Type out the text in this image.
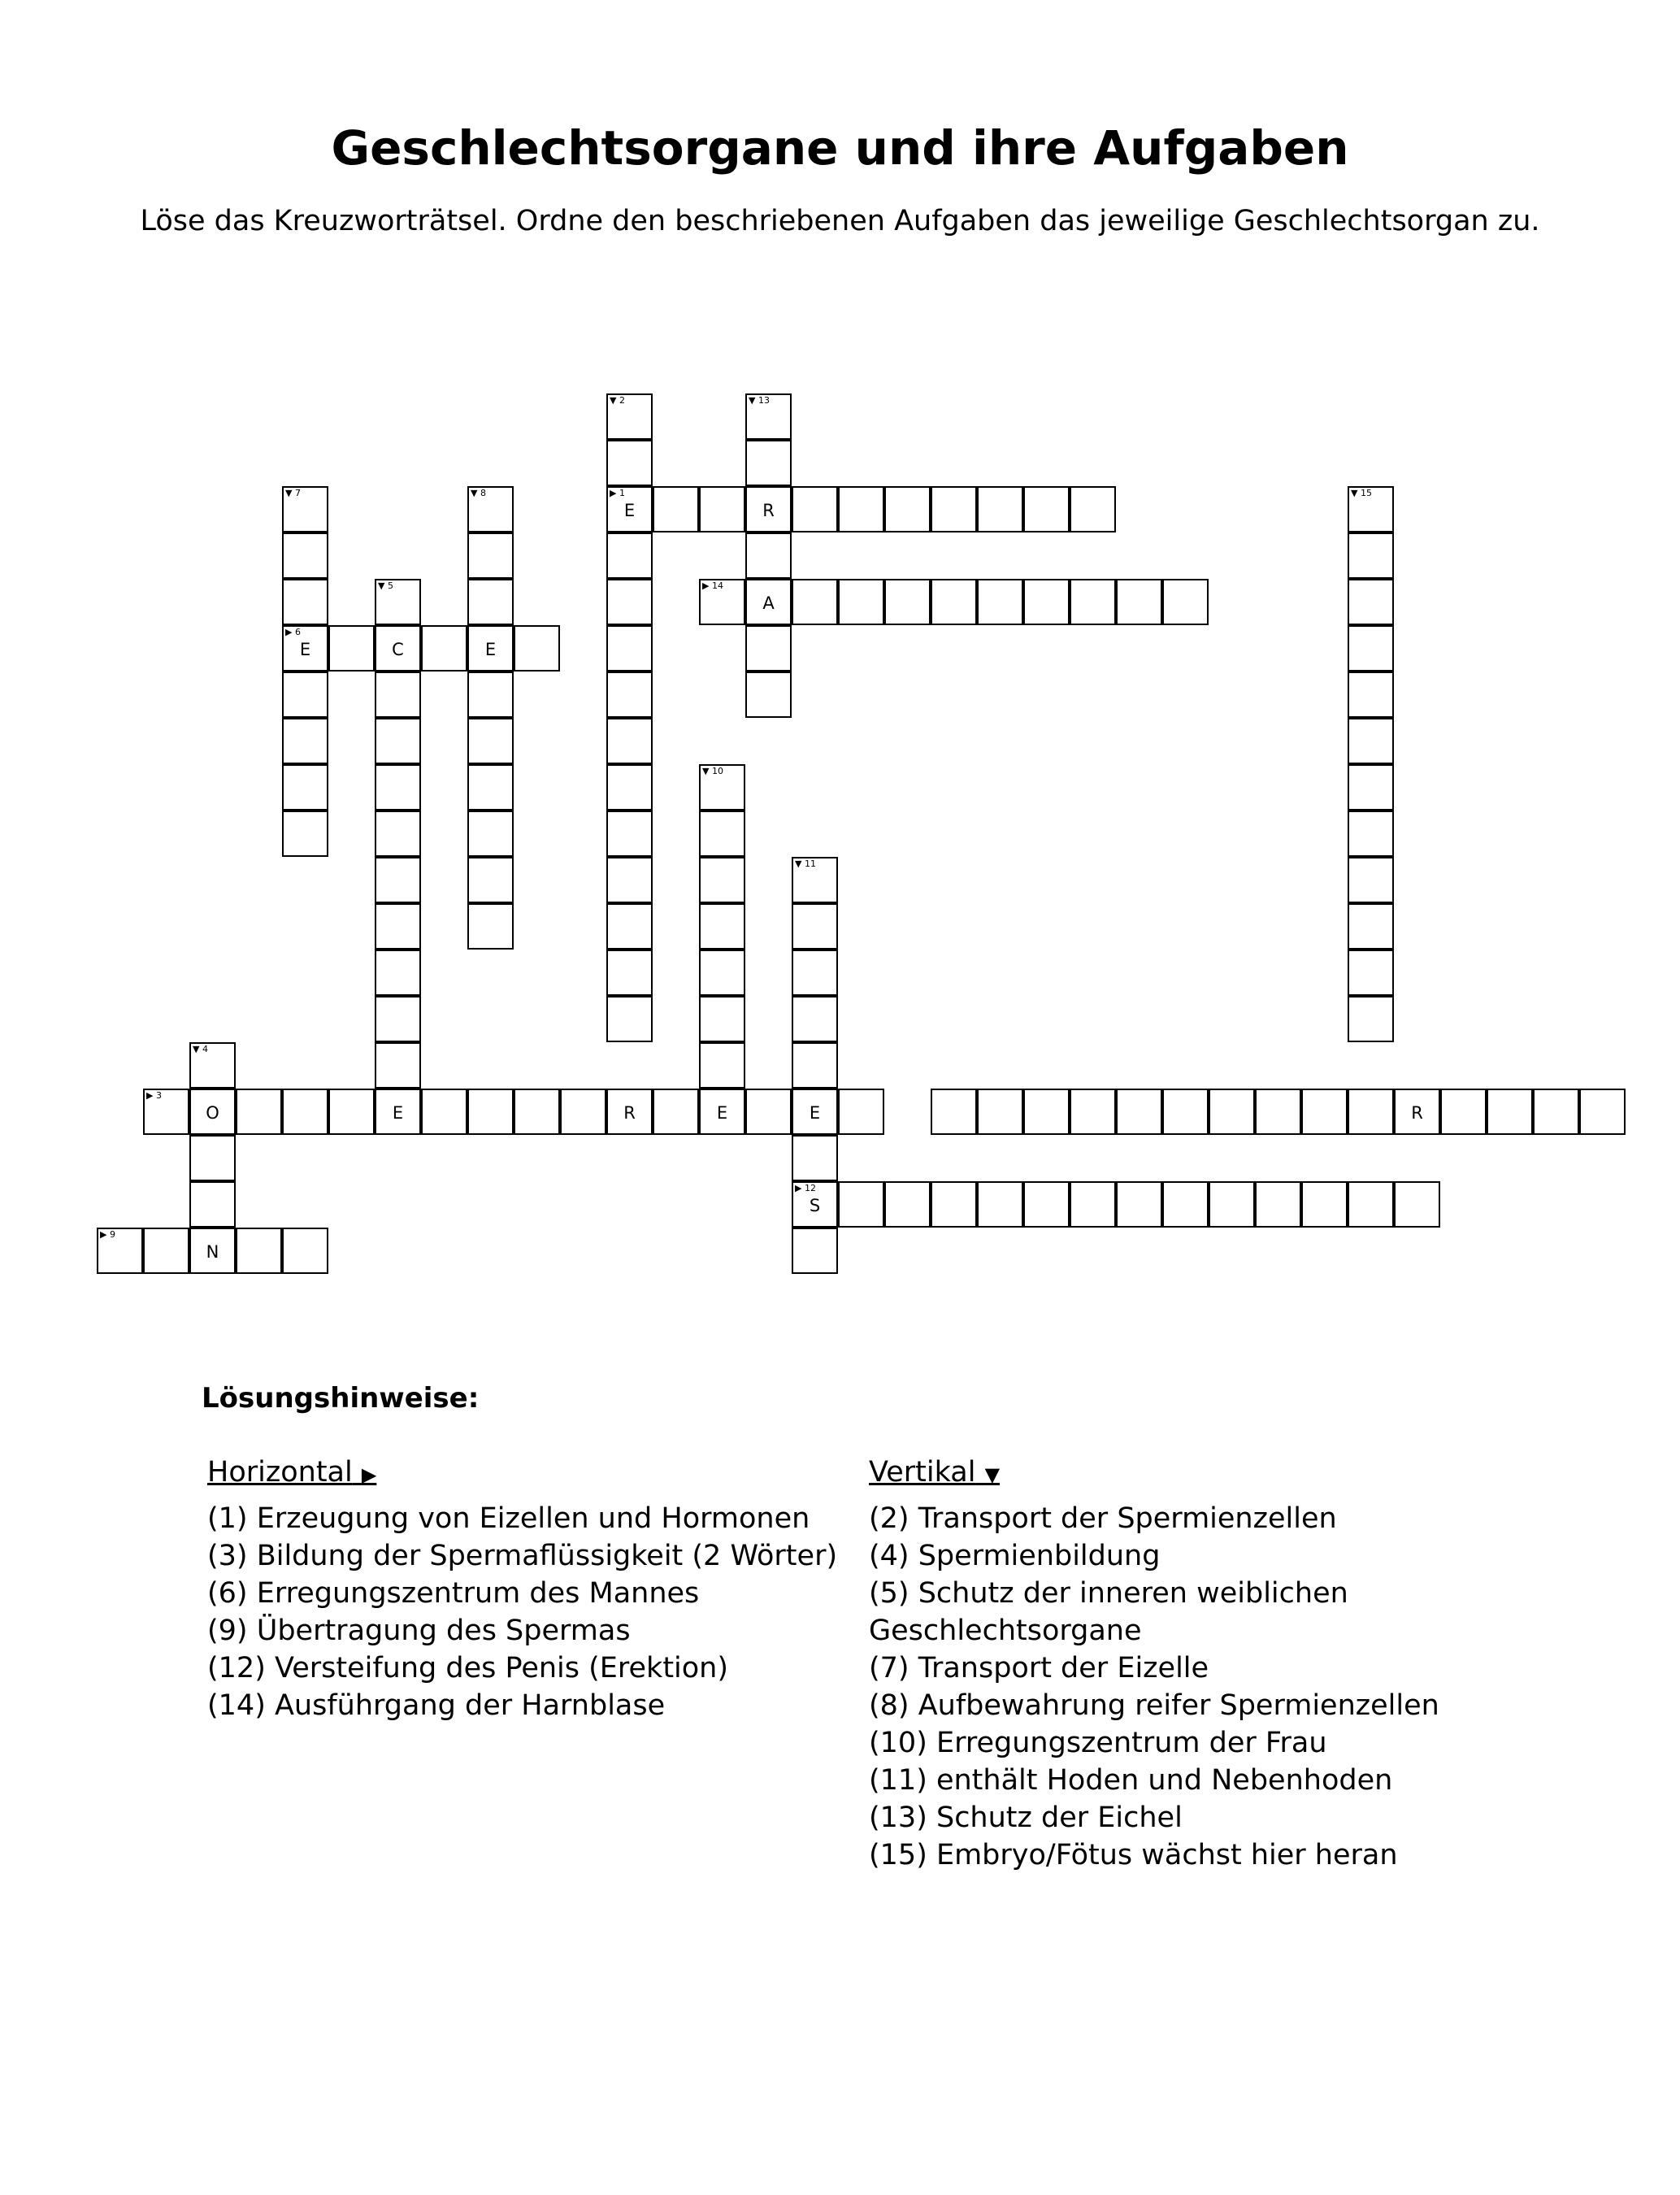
Geschlechtsorgane und ihre Aufgaben

Löse das Kreuzworträtsel. Ordne den beschriebenen Aufgaben das jeweilige Geschlechtsorgan zu.

▼ 2
▶ 1
E
▼ 13
R
A
▼ 7
▶ 6
E
▼ 8
E
▼ 15
▼ 5
C
▼ 10
▼ 11
E
▶ 12
S
▼ 4
O
N
▶ 14
▶ 3
E	R	E	R
▶ 9
Lösungshinweise:
Horizontal ▶
(1) Erzeugung von Eizellen und Hormonen
(3) Bildung der Spermaflüssigkeit (2 Wörter)
(6) Erregungszentrum des Mannes
(9) Übertragung des Spermas
(12) Versteifung des Penis (Erektion)
(14) Ausführgang der Harnblase
Vertikal ▼
(2) Transport der Spermienzellen
(4) Spermienbildung
(5) Schutz der inneren weiblichen
Geschlechtsorgane
(7) Transport der Eizelle
(8) Aufbewahrung reifer Spermienzellen
(10) Erregungszentrum der Frau
(11) enthält Hoden und Nebenhoden
(13) Schutz der Eichel
(15) Embryo/Fötus wächst hier heran
